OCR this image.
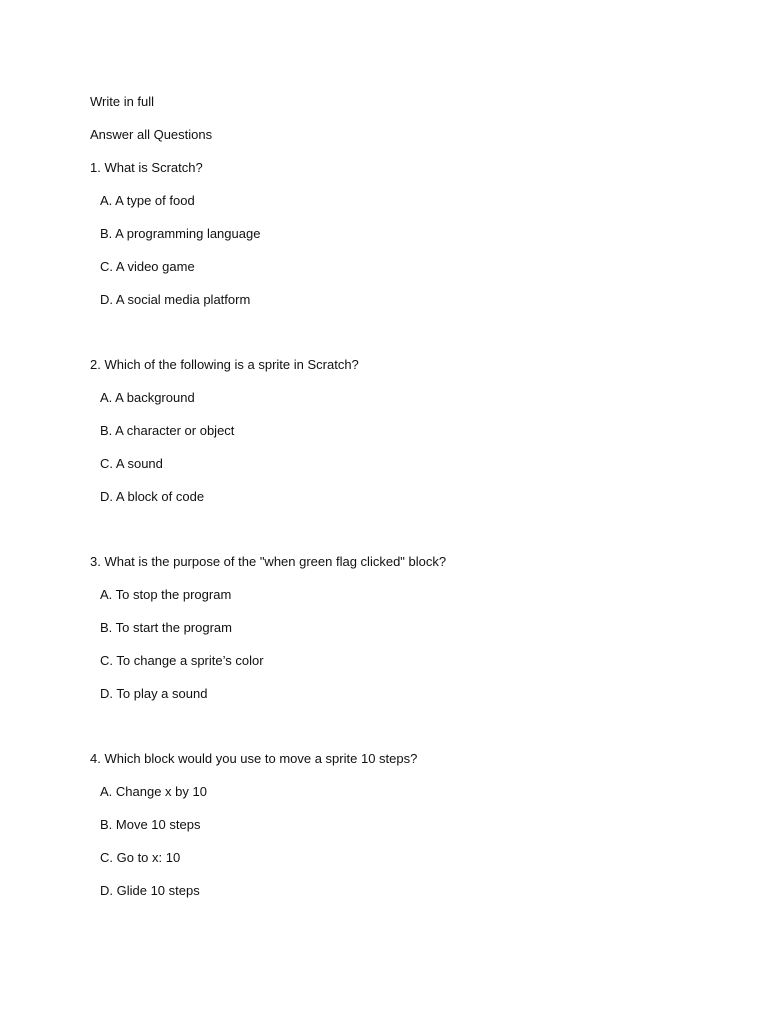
Write in full
Answer all Questions
1. What is Scratch?
A. A type of food
B. A programming language
C. A video game
D. A social media platform
2. Which of the following is a sprite in Scratch?
A. A background
B. A character or object
C. A sound
D. A block of code
3. What is the purpose of the "when green flag clicked" block?
A. To stop the program
B. To start the program
C. To change a sprite’s color
D. To play a sound
4. Which block would you use to move a sprite 10 steps?
A. Change x by 10
B. Move 10 steps
C. Go to x: 10
D. Glide 10 steps
